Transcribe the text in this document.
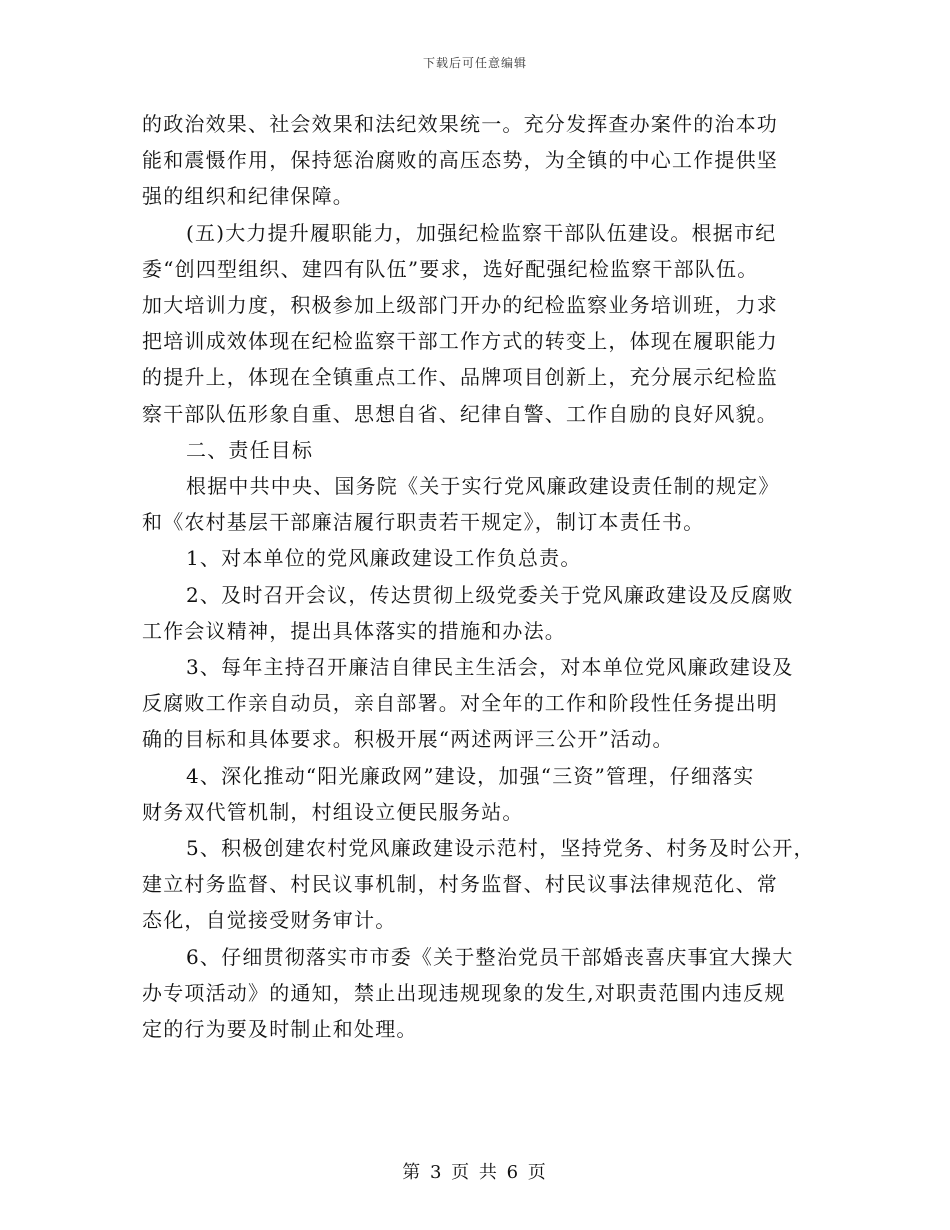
下载后可任意编辑

的政治效果、社会效果和法纪效果统一。充分发挥查办案件的治本功

能和震慑作用，保持惩治腐败的高压态势，为全镇的中心工作提供坚

强的组织和纪律保障。

(五)大力提升履职能力，加强纪检监察干部队伍建设。根据市纪

委“创四型组织、建四有队伍”要求，选好配强纪检监察干部队伍。

加大培训力度，积极参加上级部门开办的纪检监察业务培训班，力求

把培训成效体现在纪检监察干部工作方式的转变上，体现在履职能力

的提升上，体现在全镇重点工作、品牌项目创新上，充分展示纪检监

察干部队伍形象自重、思想自省、纪律自警、工作自励的良好风貌。

二、责任目标

根据中共中央、国务院《关于实行党风廉政建设责任制的规定》

和《农村基层干部廉洁履行职责若干规定》，制订本责任书。

1、对本单位的党风廉政建设工作负总责。

2、及时召开会议，传达贯彻上级党委关于党风廉政建设及反腐败

工作会议精神，提出具体落实的措施和办法。

3、每年主持召开廉洁自律民主生活会，对本单位党风廉政建设及

反腐败工作亲自动员，亲自部署。对全年的工作和阶段性任务提出明

确的目标和具体要求。积极开展“两述两评三公开”活动。

4、深化推动“阳光廉政网”建设，加强“三资”管理，仔细落实

财务双代管机制，村组设立便民服务站。

5、积极创建农村党风廉政建设示范村，坚持党务、村务及时公开，

建立村务监督、村民议事机制，村务监督、村民议事法律规范化、常

态化，自觉接受财务审计。

6、仔细贯彻落实市市委《关于整治党员干部婚丧喜庆事宜大操大

办专项活动》的通知，禁止出现违规现象的发生,对职责范围内违反规

定的行为要及时制止和处理。

第 3 页 共 6 页
